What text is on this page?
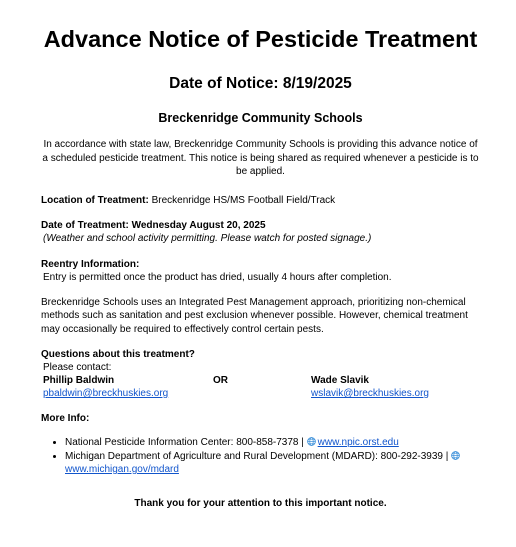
Advance Notice of Pesticide Treatment
Date of Notice: 8/19/2025
Breckenridge Community Schools
In accordance with state law, Breckenridge Community Schools is providing this advance notice of a scheduled pesticide treatment. This notice is being shared as required whenever a pesticide is to be applied.
Location of Treatment: Breckenridge HS/MS Football Field/Track
Date of Treatment: Wednesday August 20, 2025
(Weather and school activity permitting. Please watch for posted signage.)
Reentry Information:
Entry is permitted once the product has dried, usually 4 hours after completion.
Breckenridge Schools uses an Integrated Pest Management approach, prioritizing non-chemical methods such as sanitation and pest exclusion whenever possible. However, chemical treatment may occasionally be required to effectively control certain pests.
Questions about this treatment?
Please contact:
Phillip Baldwin
pbaldwin@breckhuskies.org
OR	Wade Slavik
wslavik@breckhuskies.org
More Info:
• National Pesticide Information Center: 800-858-7378 | www.npic.orst.edu
• Michigan Department of Agriculture and Rural Development (MDARD): 800-292-3939 | www.michigan.gov/mdard
Thank you for your attention to this important notice.
